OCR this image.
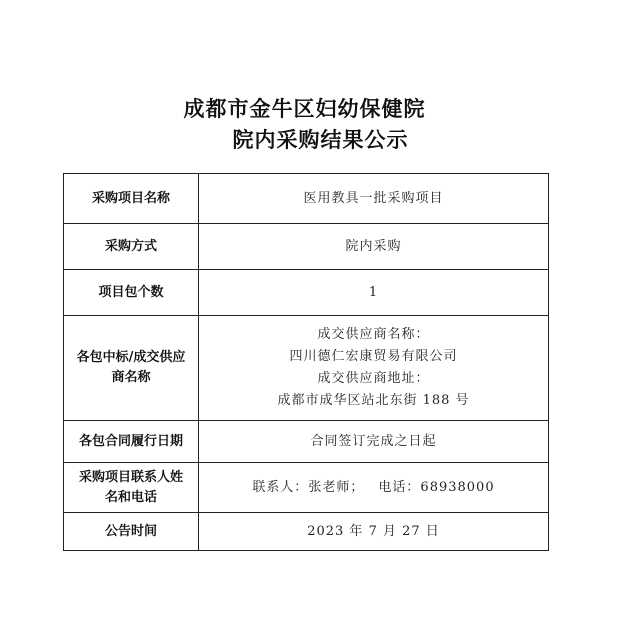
成都市金牛区妇幼保健院
院内采购结果公示
采购项目名称	医用教具一批采购项目
采购方式	院内采购
项目包个数	1

各包中标/成交供应
商名称	成交供应商名称：
四川德仁宏康贸易有限公司
成交供应商地址：
成都市成华区站北东街 188 号

各包合同履行日期	合同签订完成之日起

采购项目联系人姓
名和电话	联系人：张老师； 电话：68938000
公告时间	2023 年 7 月 27 日
